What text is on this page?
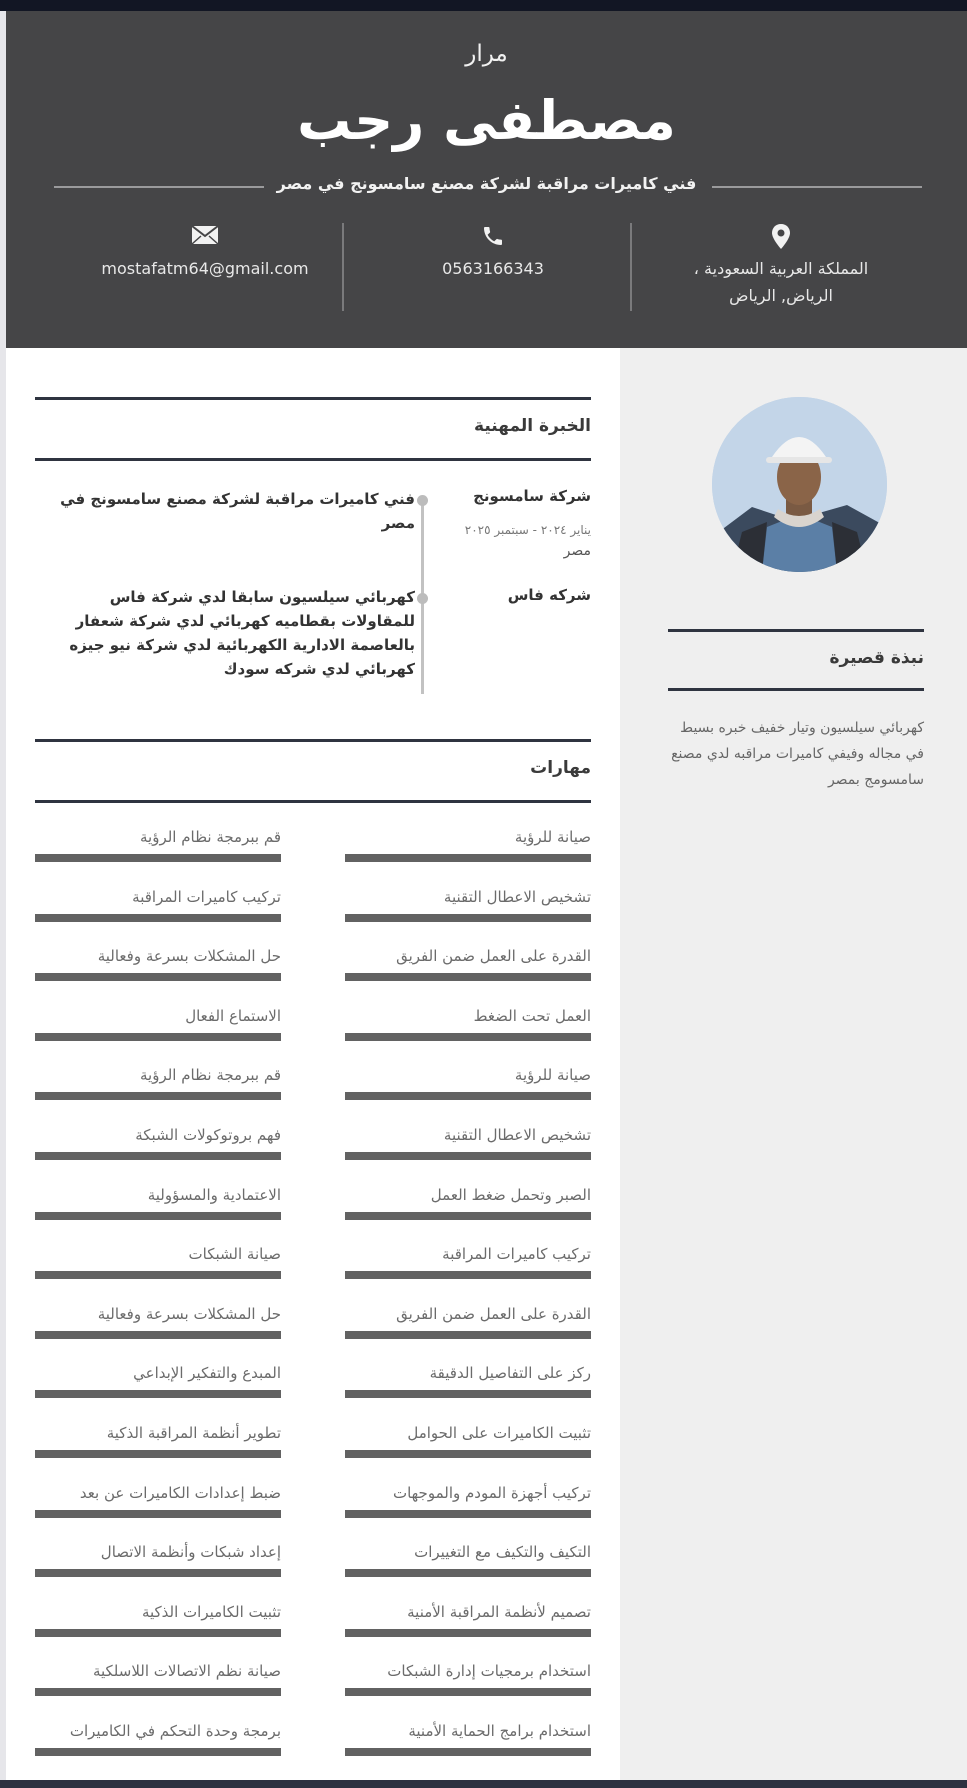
مرار
مصطفى رجب
فني كاميرات مراقبة لشركة مصنع سامسونج في مصر
المملكة العربية السعودية ، الرياض, الرياض
0563166343
mostafatm64@gmail.com
نبذة قصيرة
كهربائي سيلسيون وتيار خفيف خبره بسيط في مجاله وفيفي كاميرات مراقبه لدي مصنع سامسومج بمصر
الخبرة المهنية
شركة سامسونج
يناير ٢٠٢٤ - سبتمبر ٢٠٢٥
مصر
فني كاميرات مراقبة لشركة مصنع سامسونج في مصر
شركه فاس
كهربائي سيلسيون سابقا لدي شركة فاس للمقاولات بقطاميه كهربائي لدي شركة شعفار بالعاصمة الادارية الكهربائية لدي شركة نيو جيزه كهربائي لدي شركه سودك
مهارات
صيانة للرؤية
تشخيص الاعطال التقنية
القدرة على العمل ضمن الفريق
العمل تحت الضغط
صيانة للرؤية
تشخيص الاعطال التقنية
الصبر وتحمل ضغط العمل
تركيب كاميرات المراقبة
القدرة على العمل ضمن الفريق
ركز على التفاصيل الدقيقة
تثبيت الكاميرات على الحوامل
تركيب أجهزة المودم والموجهات
التكيف والتكيف مع التغييرات
تصميم لأنظمة المراقبة الأمنية
استخدام برمجيات إدارة الشبكات
استخدام برامج الحماية الأمنية
قم ببرمجة نظام الرؤية
تركيب كاميرات المراقبة
حل المشكلات بسرعة وفعالية
الاستماع الفعال
قم ببرمجة نظام الرؤية
فهم بروتوكولات الشبكة
الاعتمادية والمسؤولية
صيانة الشبكات
حل المشكلات بسرعة وفعالية
المبدع والتفكير الإبداعي
تطوير أنظمة المراقبة الذكية
ضبط إعدادات الكاميرات عن بعد
إعداد شبكات وأنظمة الاتصال
تثبيت الكاميرات الذكية
صيانة نظم الاتصالات اللاسلكية
برمجة وحدة التحكم في الكاميرات
